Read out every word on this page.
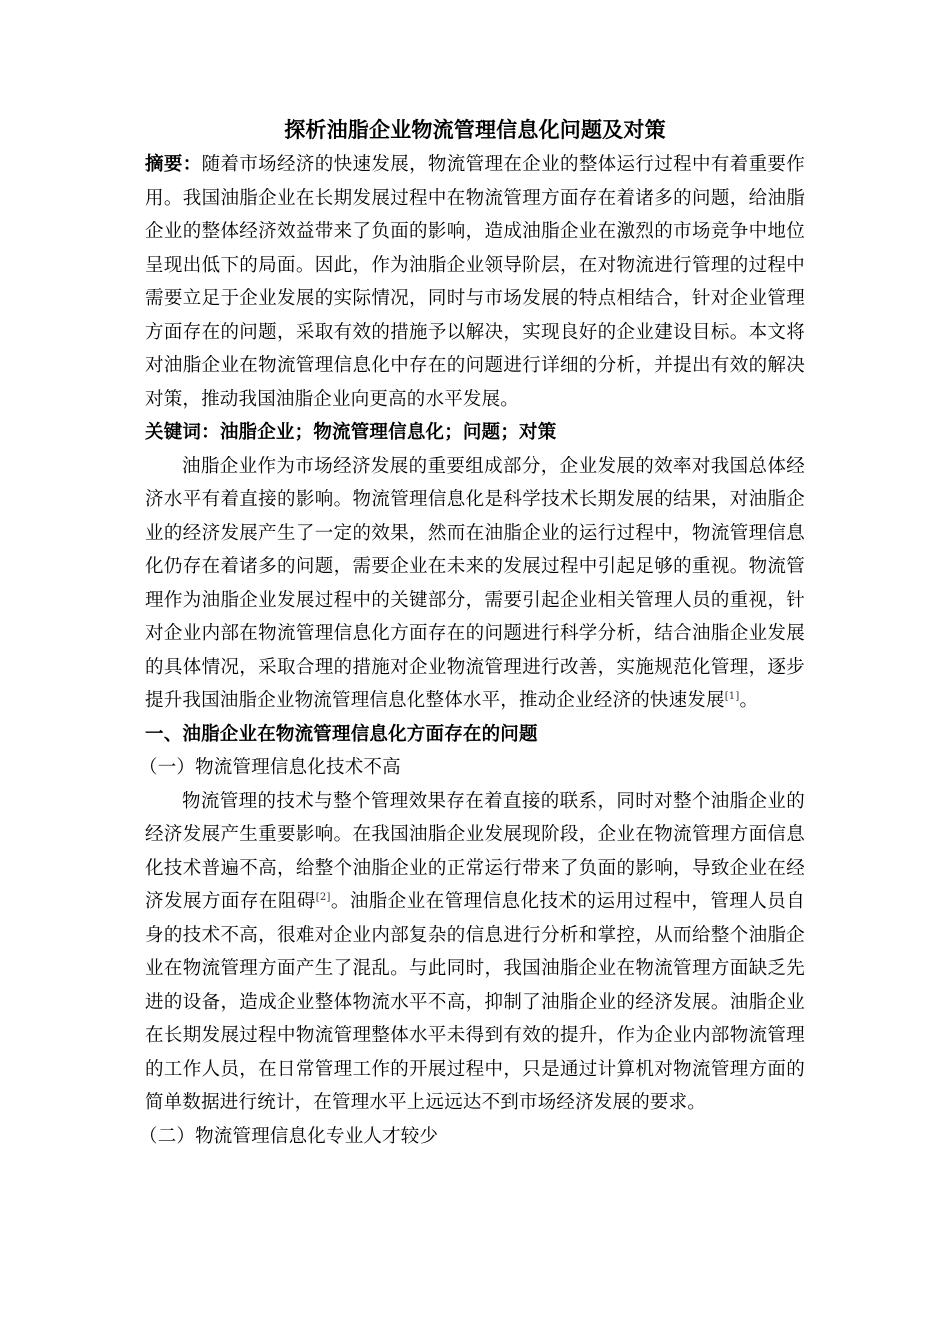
探析油脂企业物流管理信息化问题及对策

摘要：随着市场经济的快速发展，物流管理在企业的整体运行过程中有着重要作用。我国油脂企业在长期发展过程中在物流管理方面存在着诸多的问题，给油脂企业的整体经济效益带来了负面的影响，造成油脂企业在激烈的市场竞争中地位呈现出低下的局面。因此，作为油脂企业领导阶层，在对物流进行管理的过程中需要立足于企业发展的实际情况，同时与市场发展的特点相结合，针对企业管理方面存在的问题，采取有效的措施予以解决，实现良好的企业建设目标。本文将对油脂企业在物流管理信息化中存在的问题进行详细的分析，并提出有效的解决对策，推动我国油脂企业向更高的水平发展。

关键词：油脂企业；物流管理信息化；问题；对策

油脂企业作为市场经济发展的重要组成部分，企业发展的效率对我国总体经济水平有着直接的影响。物流管理信息化是科学技术长期发展的结果，对油脂企业的经济发展产生了一定的效果，然而在油脂企业的运行过程中，物流管理信息化仍存在着诸多的问题，需要企业在未来的发展过程中引起足够的重视。物流管理作为油脂企业发展过程中的关键部分，需要引起企业相关管理人员的重视，针对企业内部在物流管理信息化方面存在的问题进行科学分析，结合油脂企业发展的具体情况，采取合理的措施对企业物流管理进行改善，实施规范化管理，逐步提升我国油脂企业物流管理信息化整体水平，推动企业经济的快速发展[1]。

一、油脂企业在物流管理信息化方面存在的问题

（一）物流管理信息化技术不高

物流管理的技术与整个管理效果存在着直接的联系，同时对整个油脂企业的经济发展产生重要影响。在我国油脂企业发展现阶段，企业在物流管理方面信息化技术普遍不高，给整个油脂企业的正常运行带来了负面的影响，导致企业在经济发展方面存在阻碍[2]。油脂企业在管理信息化技术的运用过程中，管理人员自身的技术不高，很难对企业内部复杂的信息进行分析和掌控，从而给整个油脂企业在物流管理方面产生了混乱。与此同时，我国油脂企业在物流管理方面缺乏先进的设备，造成企业整体物流水平不高，抑制了油脂企业的经济发展。油脂企业在长期发展过程中物流管理整体水平未得到有效的提升，作为企业内部物流管理的工作人员，在日常管理工作的开展过程中，只是通过计算机对物流管理方面的简单数据进行统计，在管理水平上远远达不到市场经济发展的要求。

（二）物流管理信息化专业人才较少
